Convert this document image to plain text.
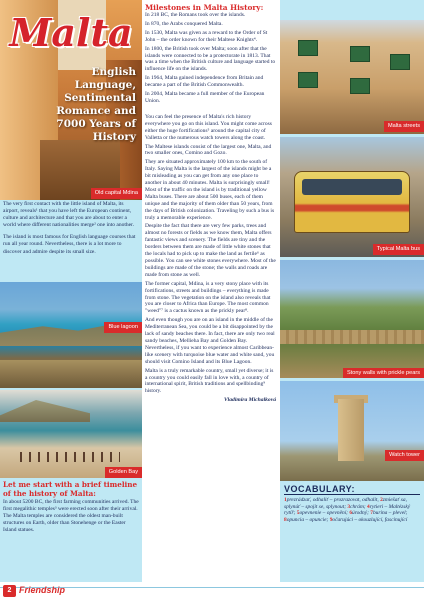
Malta
English Language, Sentimental Romance and 7000 Years of History
Old capital Mdina

The very first contact with the little island of Malta, its airport, reveals¹ that you have left the European continent, culture and architecture and that you are about to enter a world where different nationalities merge² one into another.

The island is most famous for English language courses that run all year round. Nevertheless, there is a lot more to discover and admire despite its small size.

Blue lagoon
Golden Bay
Let me start with a brief timeline of the history of Malta:
In about 5200 BC, the first farming communities arrived. The first megalithic temples³ were erected soon after their arrival. The Malta temples are considered the oldest man-built structures on Earth, older than Stonehenge or the Easter Island statues.
Milestones in Malta History:

In 218 BC, the Romans took over the islands.

In 870, the Arabs conquered Malta.

In 1530, Malta was given as a reward to the Order of St John – the order known for their Maltese Knights⁴.

In 1800, the British took over Malta; soon after that the islands were connected to be a protectorate in 1813. That was a time when the British culture and language started to influence life on the islands.

In 1964, Malta gained independence from Britain and became a part of the British Commonwealth.

In 2004, Malta became a full member of the European Union.

You can feel the presence of Malta's rich history everywhere you go on this island. You might come across either the huge fortifications⁵ around the capital city of Valletta or the numerous watch towers along the coast.

The Maltese islands consist of the largest one, Malta, and two smaller ones, Comino and Gozo.

They are situated approximately 100 km to the south of Italy. Saying Malta is the largest of the islands might be a bit misleading as you can get from any one place to another in about 40 minutes. Malta is surprisingly small! Most of the traffic on the island is by traditional yellow Malta buses. There are about 500 buses, each of them unique and the majority of them older than 50 years, from the days of British colonization. Traveling by such a bus is truly a memorable experience.

Despite the fact that there are very few parks, trees and almost no forests or fields as we know them, Malta offers fantastic views and scenery. The fields are tiny and the borders between them are made of little white stones that the locals had to pick up to make the land as fertile⁶ as possible. You can see white stones everywhere. Most of the buildings are made of the stone; the walls and roads are made from stone as well.

The former capital, Mdina, is a very stony place with its fortifications, streets and buildings – everything is made from stone. The vegetation on the island also reveals that you are closer to Africa than Europe. The most common "weed"⁷ is a cactus known as the prickly pear⁸.

And even though you are on an island in the middle of the Mediterranean Sea, you could be a bit disappointed by the lack of sandy beaches there. In fact, there are only two real sandy beaches, Mellieha Bay and Golden Bay. Nevertheless, if you want to experience almost Caribbean-like scenery with turquoise blue water and white sand, you should visit Comino Island and its Blue Lagoon.

Malta is a truly remarkable country, small yet diverse; it is a country you could easily fall in love with, a country of international spirit, British traditions and spellbinding⁹ history.

Vladimíra Michalková
Malta streets
Typical Malta bus
Stony walls with prickle pears
Watch tower
VOCABULARY:
1prezrádzať, odhaliť – prozrazovat, odhalit, 2zmiešať sa, splynúť – spojit se, splynout; 3chrám; 4rytieri – Maltézský rytíř; 5opevnenie – opevnění; 6úrodný; 7burina – plevel; 8opuncia – opuncie; 9očarujúci – okouzlující, fascinující
2 Friendship
